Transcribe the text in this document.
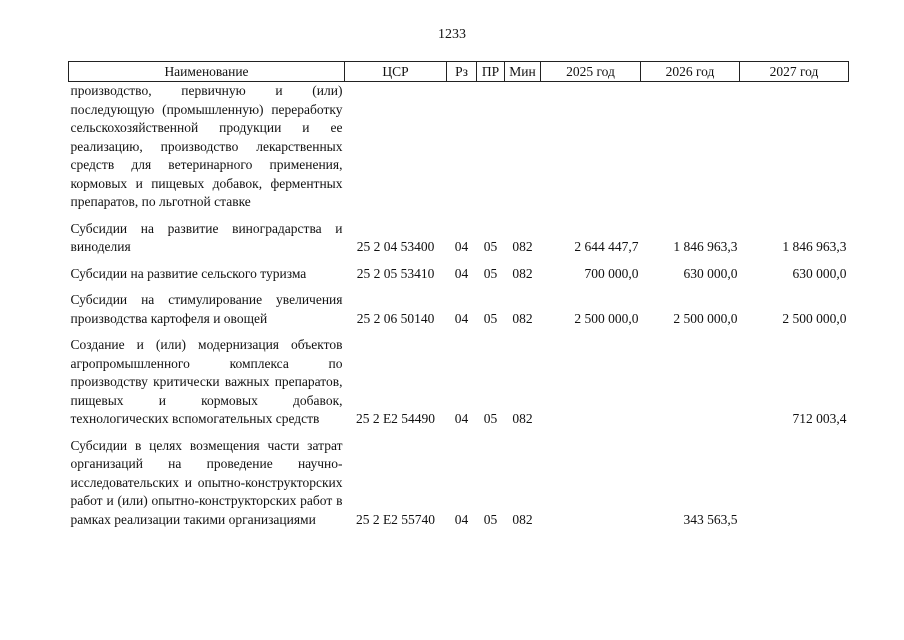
1233
Наименование	ЦСР	Рз	ПР	Мин	2025 год	2026 год	2027 год

производство, первичную и (или) последующую (промышленную) переработку сельскохозяйственной продукции и ее реализацию, производство лекарственных средств для ветеринарного применения, кормовых и пищевых добавок, ферментных препаратов, по льготной ставке							

Субсидии на развитие виноградарства и виноделия	25 2 04 53400	04	05	082	2 644 447,7	1 846 963,3	1 846 963,3

Субсидии на развитие сельского туризма	25 2 05 53410	04	05	082	700 000,0	630 000,0	630 000,0

Субсидии на стимулирование увеличения производства картофеля и овощей	25 2 06 50140	04	05	082	2 500 000,0	2 500 000,0	2 500 000,0

Создание и (или) модернизация объектов агропромышленного комплекса по производству критически важных препаратов, пищевых и кормовых добавок, технологических вспомогательных средств	25 2 E2 54490	04	05	082			712 003,4

Субсидии в целях возмещения части затрат организаций на проведение научно-исследовательских и опытно-конструкторских работ и (или) опытно-конструкторских работ в рамках реализации такими организациями	25 2 E2 55740	04	05	082		343 563,5	
